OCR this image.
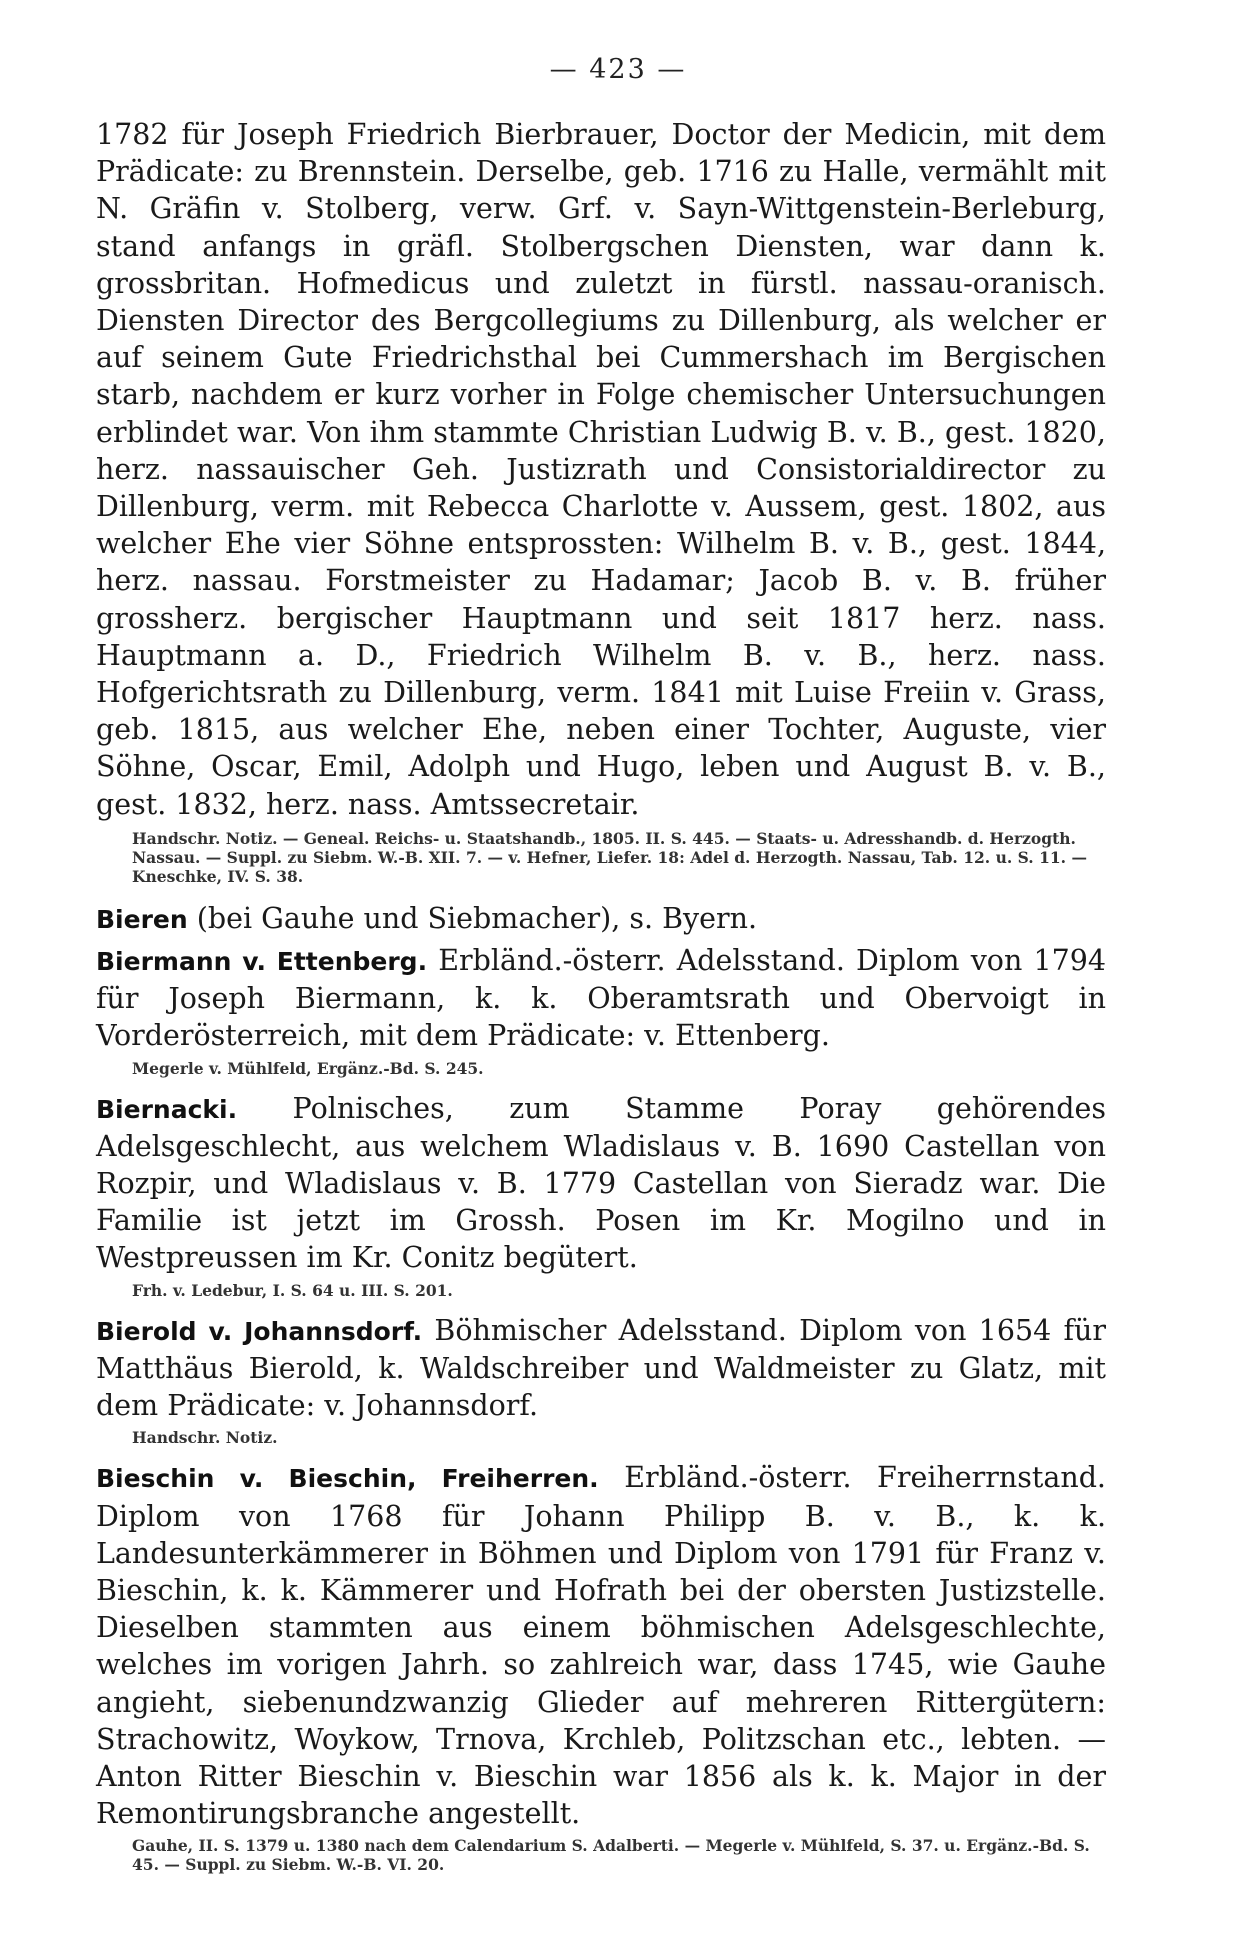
— 423 —

1782 für Joseph Friedrich Bierbrauer, Doctor der Medicin, mit dem Prädicate: zu Brennstein. Derselbe, geb. 1716 zu Halle, vermählt mit N. Gräfin v. Stolberg, verw. Grf. v. Sayn-Wittgenstein-Berleburg, stand anfangs in gräfl. Stolbergschen Diensten, war dann k. grossbritan. Hofmedicus und zuletzt in fürstl. nassau-oranisch. Diensten Director des Bergcollegiums zu Dillenburg, als welcher er auf seinem Gute Friedrichsthal bei Cummershach im Bergischen starb, nachdem er kurz vorher in Folge chemischer Untersuchungen erblindet war. Von ihm stammte Christian Ludwig B. v. B., gest. 1820, herz. nassauischer Geh. Justizrath und Consistorialdirector zu Dillenburg, verm. mit Rebecca Charlotte v. Aussem, gest. 1802, aus welcher Ehe vier Söhne entsprossten: Wilhelm B. v. B., gest. 1844, herz. nassau. Forstmeister zu Hadamar; Jacob B. v. B. früher grossherz. bergischer Hauptmann und seit 1817 herz. nass. Hauptmann a. D., Friedrich Wilhelm B. v. B., herz. nass. Hofgerichtsrath zu Dillenburg, verm. 1841 mit Luise Freiin v. Grass, geb. 1815, aus welcher Ehe, neben einer Tochter, Auguste, vier Söhne, Oscar, Emil, Adolph und Hugo, leben und August B. v. B., gest. 1832, herz. nass. Amtssecretair.

Handschr. Notiz. — Geneal. Reichs- u. Staatshandb., 1805. II. S. 445. — Staats- u. Adresshandb. d. Herzogth. Nassau. — Suppl. zu Siebm. W.-B. XII. 7. — v. Hefner, Liefer. 18: Adel d. Herzogth. Nassau, Tab. 12. u. S. 11. — Kneschke, IV. S. 38.

Bieren (bei Gauhe und Siebmacher), s. Byern.

Biermann v. Ettenberg. Erbländ.-österr. Adelsstand. Diplom von 1794 für Joseph Biermann, k. k. Oberamtsrath und Obervoigt in Vorderösterreich, mit dem Prädicate: v. Ettenberg.

Megerle v. Mühlfeld, Ergänz.-Bd. S. 245.

Biernacki. Polnisches, zum Stamme Poray gehörendes Adelsgeschlecht, aus welchem Wladislaus v. B. 1690 Castellan von Rozpir, und Wladislaus v. B. 1779 Castellan von Sieradz war. Die Familie ist jetzt im Grossh. Posen im Kr. Mogilno und in Westpreussen im Kr. Conitz begütert.

Frh. v. Ledebur, I. S. 64 u. III. S. 201.

Bierold v. Johannsdorf. Böhmischer Adelsstand. Diplom von 1654 für Matthäus Bierold, k. Waldschreiber und Waldmeister zu Glatz, mit dem Prädicate: v. Johannsdorf.

Handschr. Notiz.

Bieschin v. Bieschin, Freiherren. Erbländ.-österr. Freiherrnstand. Diplom von 1768 für Johann Philipp B. v. B., k. k. Landesunterkämmerer in Böhmen und Diplom von 1791 für Franz v. Bieschin, k. k. Kämmerer und Hofrath bei der obersten Justizstelle. Dieselben stammten aus einem böhmischen Adelsgeschlechte, welches im vorigen Jahrh. so zahlreich war, dass 1745, wie Gauhe angieht, siebenundzwanzig Glieder auf mehreren Rittergütern: Strachowitz, Woykow, Trnova, Krchleb, Politzschan etc., lebten. — Anton Ritter Bieschin v. Bieschin war 1856 als k. k. Major in der Remontirungsbranche angestellt.

Gauhe, II. S. 1379 u. 1380 nach dem Calendarium S. Adalberti. — Megerle v. Mühlfeld, S. 37. u. Ergänz.-Bd. S. 45. — Suppl. zu Siebm. W.-B. VI. 20.
